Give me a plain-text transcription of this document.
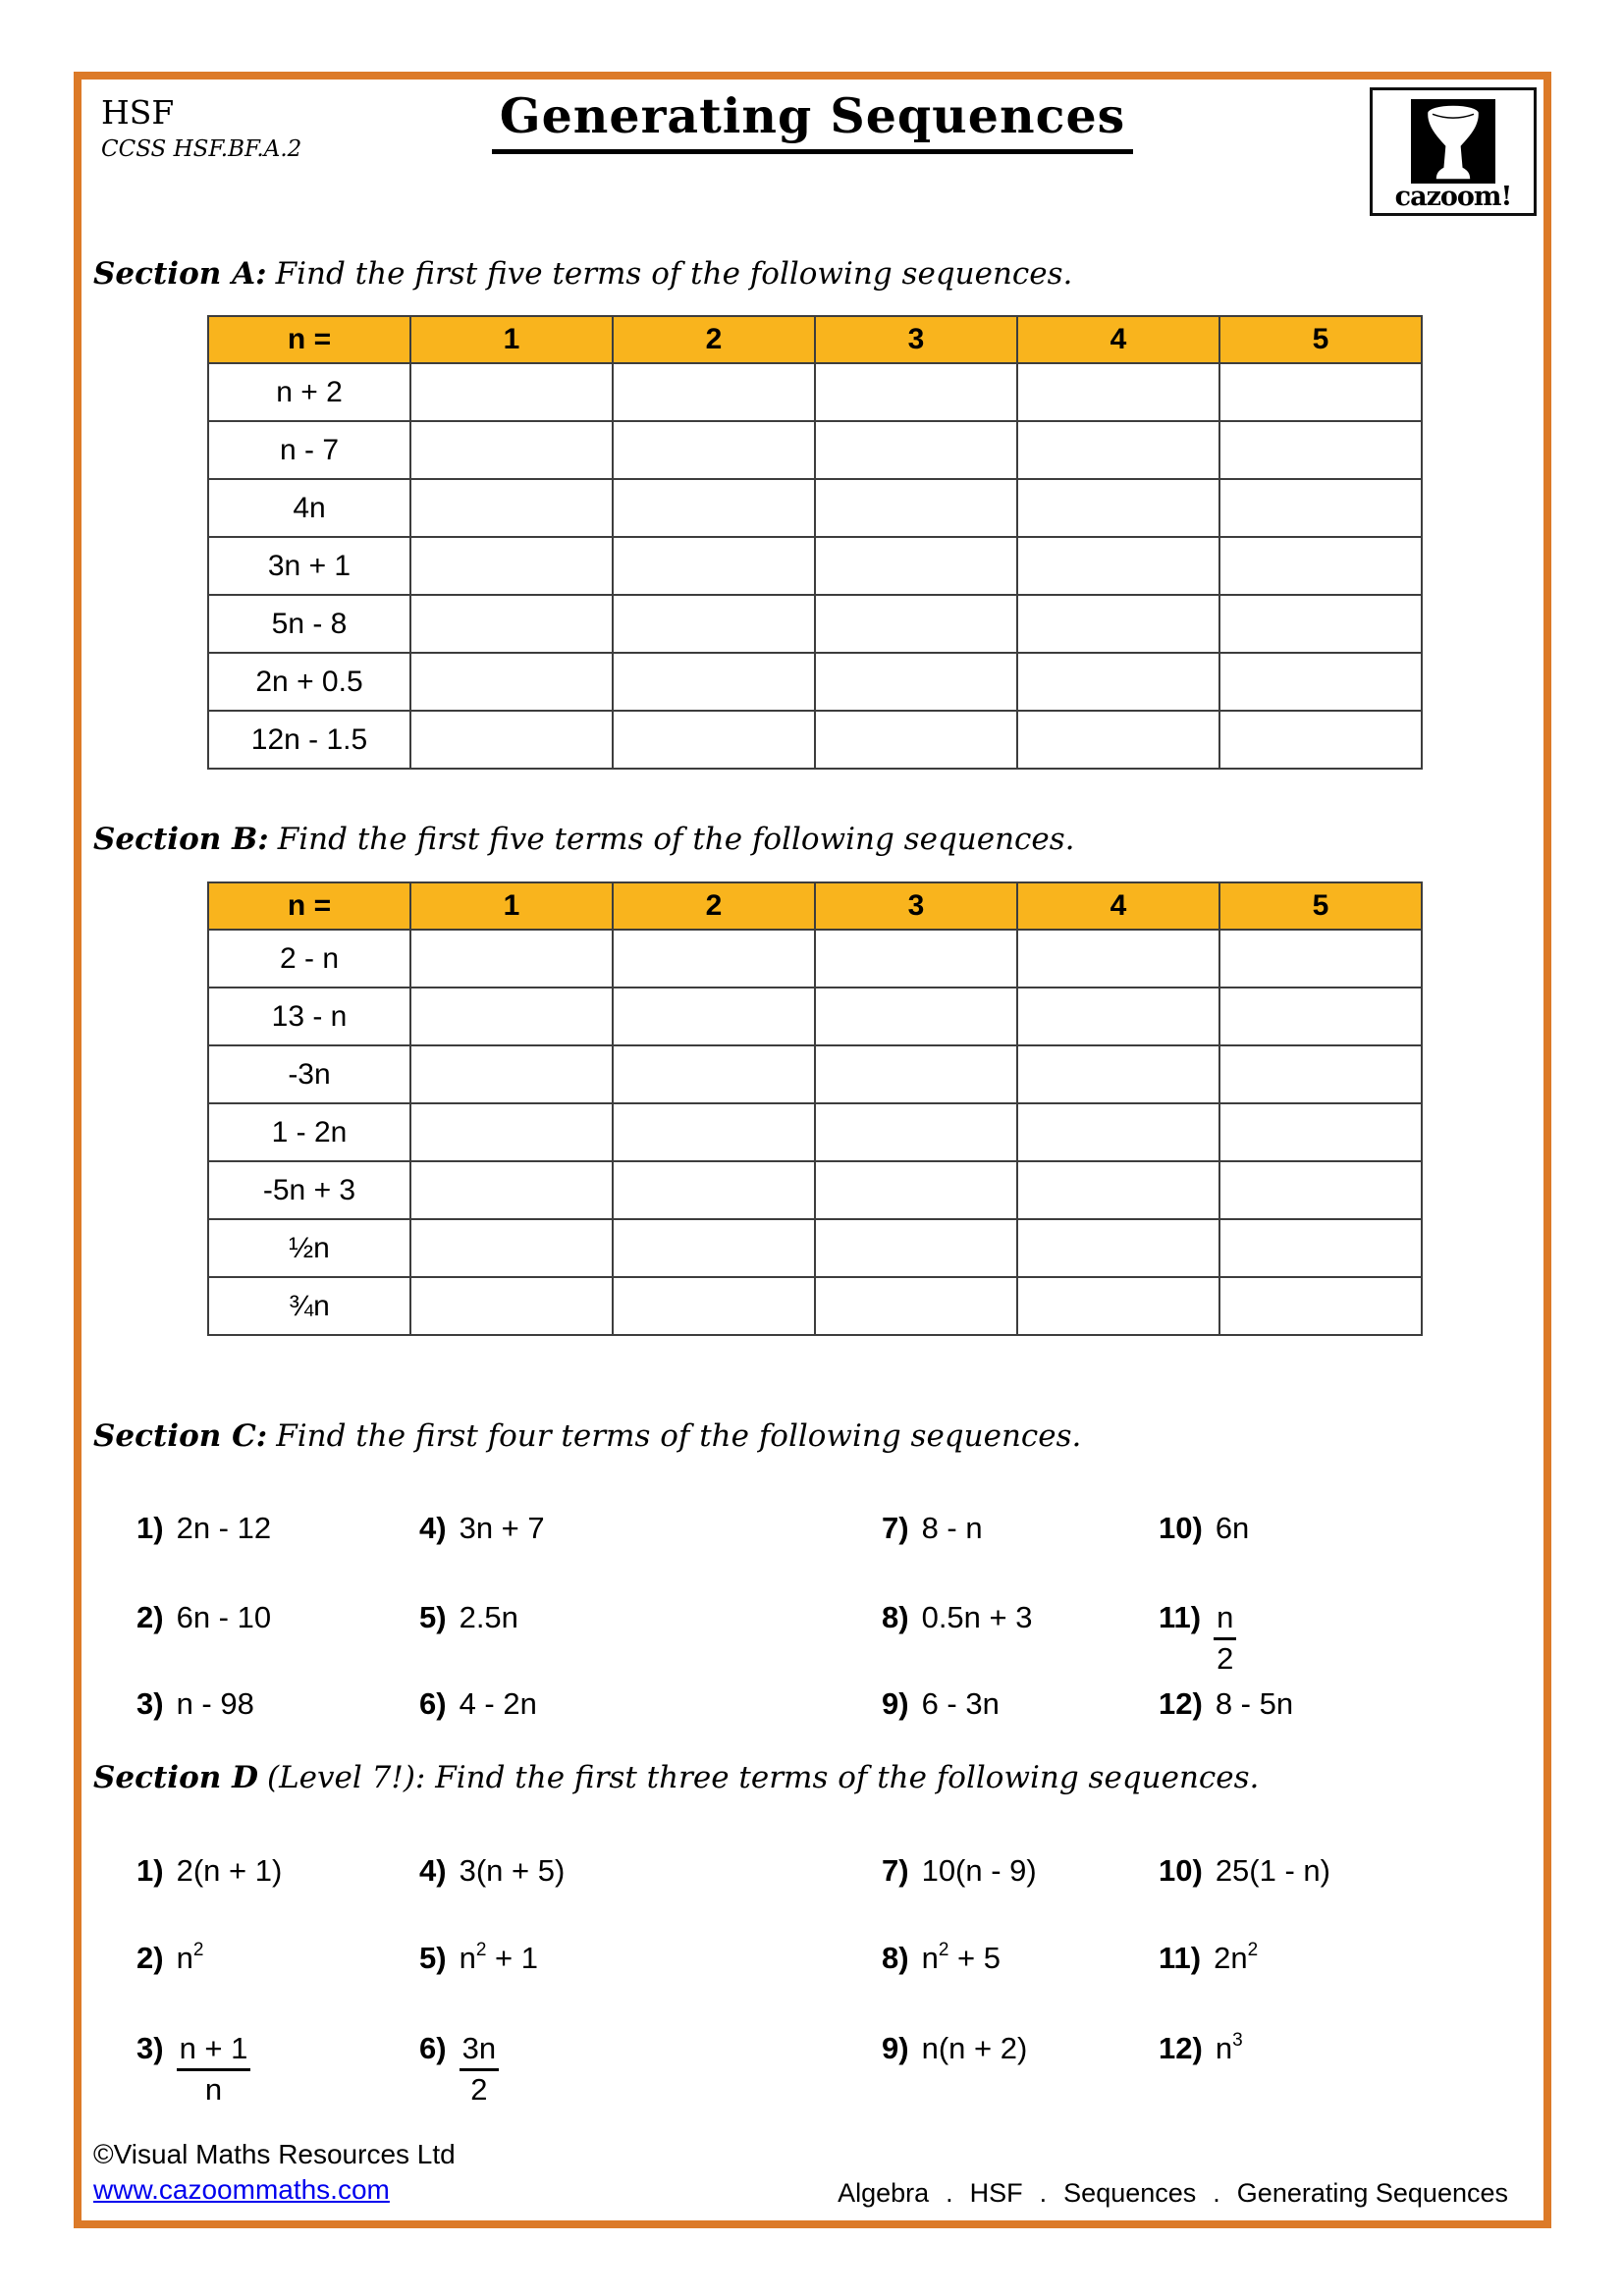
HSF
CCSS HSF.BF.A.2
Generating Sequences
cazoom!
Section A: Find the first five terms of the following sequences.
n =	1	2	3	4	5
n + 2					
n - 7					
4n					
3n + 1					
5n - 8					
2n + 0.5					
12n - 1.5					
Section B: Find the first five terms of the following sequences.
n =	1	2	3	4	5
2 - n					
13 - n					
-3n					
1 - 2n					
-5n + 3					
½n					
¾n					
Section C: Find the first four terms of the following sequences.
1) 2n - 12
2) 6n - 10
3) n - 98
4) 3n + 7
5) 2.5n
6) 4 - 2n
7) 8 - n
8) 0.5n + 3
9) 6 - 3n
10) 6n
$11) \frac{n}{2}$
12) 8 - 5n
Section D (Level 7!): Find the first three terms of the following sequences.
1) 2(n + 1)
2) $n^2$
$3) \frac{n + 1}{n}$
4) 3(n + 5)
5) $n^2 + 1$
$6) \frac{3n}{2}$
7) 10(n - 9)
8) $n^2 + 5$
9) n(n + 2)
10) 25(1 - n)
11) $2n^2$
12) $n^3$
©Visual Maths Resources Ltd
www.cazoommaths.com	Algebra . HSF . Sequences . Generating Sequences
